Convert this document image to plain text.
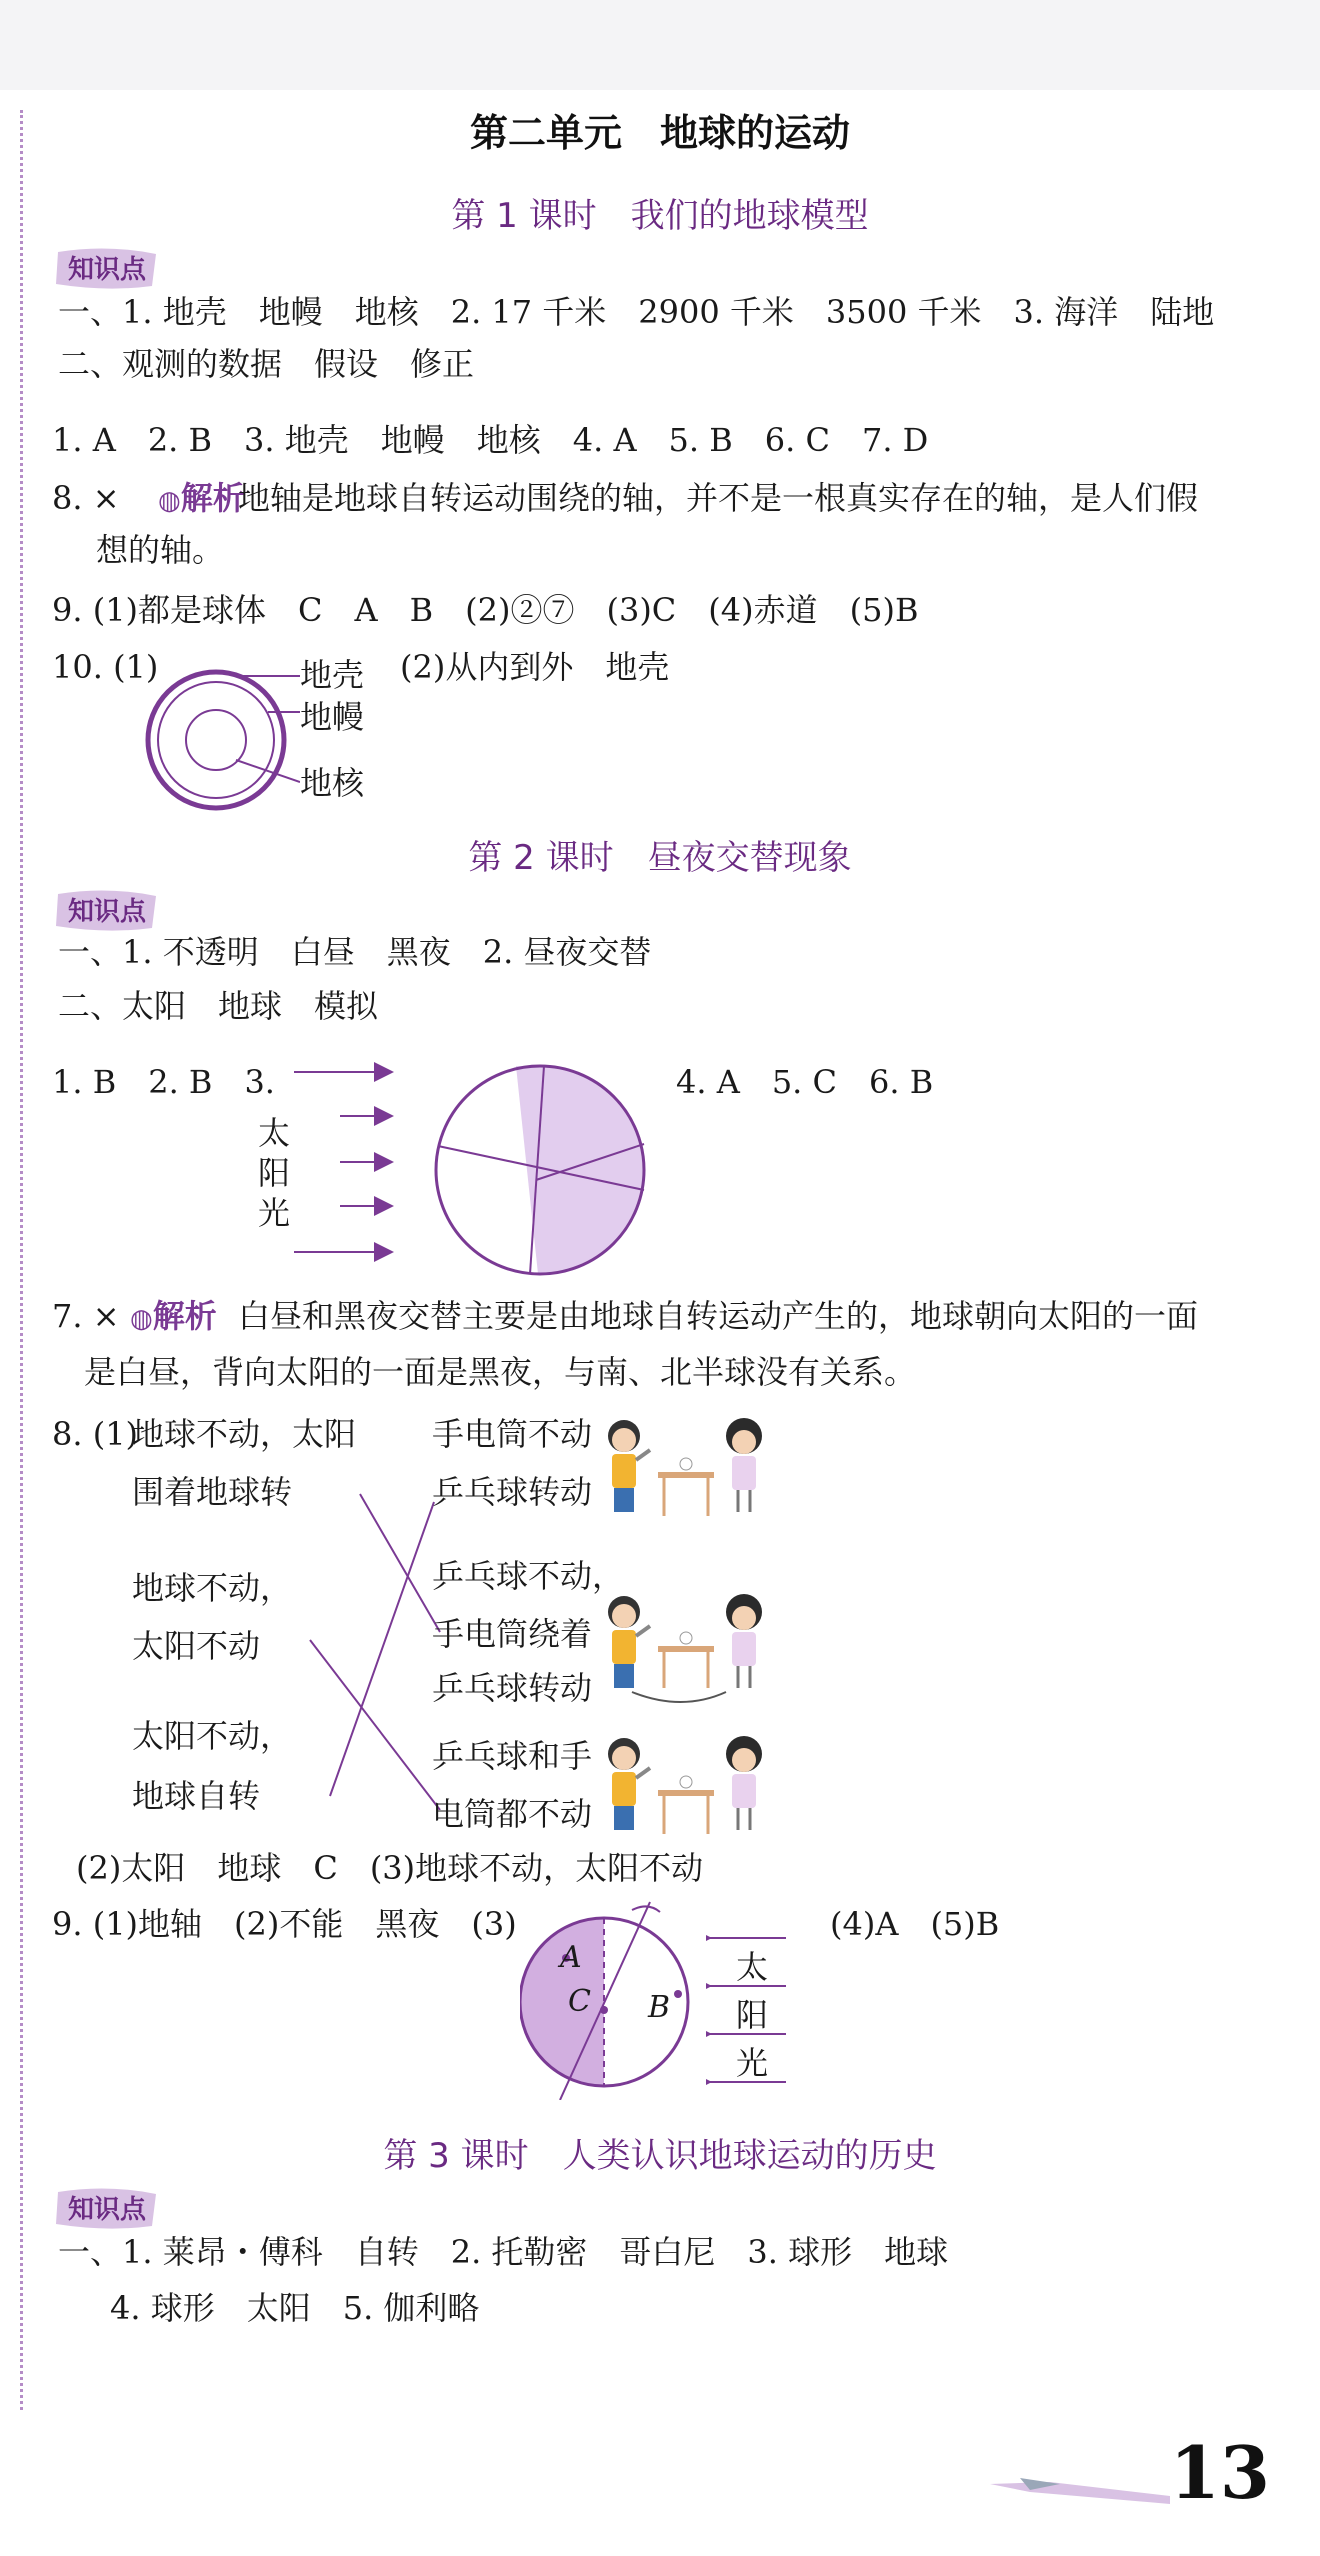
第二单元　地球的运动
第 1 课时　我们的地球模型
知识点
一、1. 地壳　地幔　地核　2. 17 千米　2900 千米　3500 千米　3. 海洋　陆地
二、观测的数据　假设　修正
1. A　2. B　3. 地壳　地幔　地核　4. A　5. B　6. C　7. D
8. × ◍解析
地轴是地球自转运动围绕的轴，并不是一根真实存在的轴，是人们假
想的轴。
9. (1)都是球体　C　A　B　(2)②⑦　(3)C　(4)赤道　(5)B
10. (1)	地壳
地幔
地核
(2)从内到外　地壳
第 2 课时　昼夜交替现象
知识点
一、1. 不透明　白昼　黑夜　2. 昼夜交替
二、太阳　地球　模拟
1. B　2. B　3.
太
阳
光
4. A　5. C　6. B
7. × ◍解析 白昼和黑夜交替主要是由地球自转运动产生的，地球朝向太阳的一面
是白昼，背向太阳的一面是黑夜，与南、北半球没有关系。
8. (1)
地球不动，太阳
围着地球转
地球不动，
太阳不动
太阳不动，
地球自转
手电筒不动
乒乓球转动
乒乓球不动，
手电筒绕着
乒乓球转动
乒乓球和手
电筒都不动
(2)太阳　地球　C　(3)地球不动，太阳不动
9. (1)地轴　(2)不能　黑夜　(3)
A
C B
太
阳
光
(4)A　(5)B
第 3 课时　人类认识地球运动的历史
知识点
一、1. 莱昂・傅科　自转　2. 托勒密　哥白尼　3. 球形　地球
4. 球形　太阳　5. 伽利略
13
